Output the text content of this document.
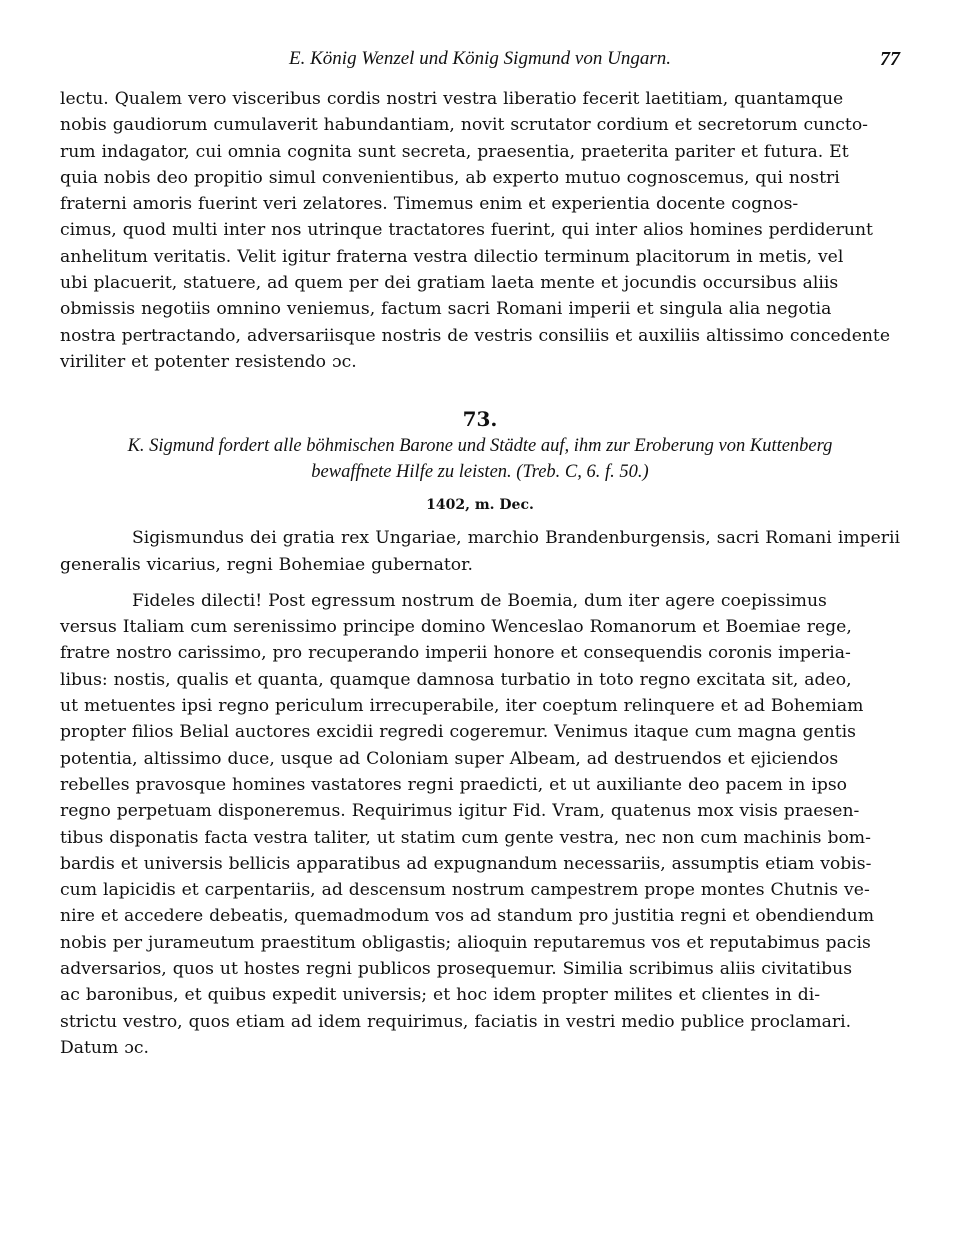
E. König Wenzel und König Sigmund von Ungarn.	77
lectu. Qualem vero visceribus cordis nostri vestra liberatio fecerit laetitiam, quantamque
nobis gaudiorum cumulaverit habundantiam, novit scrutator cordium et secretorum cuncto-
rum indagator, cui omnia cognita sunt secreta, praesentia, praeterita pariter et futura. Et
quia nobis deo propitio simul convenientibus, ab experto mutuo cognoscemus, qui nostri
fraterni amoris fuerint veri zelatores. Timemus enim et experientia docente cognos-
cimus, quod multi inter nos utrinque tractatores fuerint, qui inter alios homines perdiderunt
anhelitum veritatis. Velit igitur fraterna vestra dilectio terminum placitorum in metis, vel
ubi placuerit, statuere, ad quem per dei gratiam laeta mente et jocundis occursibus aliis
obmissis negotiis omnino veniemus, factum sacri Romani imperii et singula alia negotia
nostra pertractando, adversariisque nostris de vestris consiliis et auxiliis altissimo concedente
viriliter et potenter resistendo ɔc.
73.
K. Sigmund fordert alle böhmischen Barone und Städte auf, ihm zur Eroberung von Kuttenberg
bewaffnete Hilfe zu leisten. (Treb. C, 6. f. 50.)
1402, m. Dec.

Sigismundus dei gratia rex Ungariae, marchio Brandenburgensis, sacri Romani imperii generalis vicarius, regni Bohemiae gubernator.

Fideles dilecti! Post egressum nostrum de Boemia, dum iter agere coepissimus
versus Italiam cum serenissimo principe domino Wenceslao Romanorum et Boemiae rege,
fratre nostro carissimo, pro recuperando imperii honore et consequendis coronis imperia-
libus: nostis, qualis et quanta, quamque damnosa turbatio in toto regno excitata sit, adeo,
ut metuentes ipsi regno periculum irrecuperabile, iter coeptum relinquere et ad Bohemiam
propter filios Belial auctores excidii regredi cogeremur. Venimus itaque cum magna gentis
potentia, altissimo duce, usque ad Coloniam super Albeam, ad destruendos et ejiciendos
rebelles pravosque homines vastatores regni praedicti, et ut auxiliante deo pacem in ipso
regno perpetuam disponeremus. Requirimus igitur Fid. Vram, quatenus mox visis praesen-
tibus disponatis facta vestra taliter, ut statim cum gente vestra, nec non cum machinis bom-
bardis et universis bellicis apparatibus ad expugnandum necessariis, assumptis etiam vobis-
cum lapicidis et carpentariis, ad descensum nostrum campestrem prope montes Chutnis ve-
nire et accedere debeatis, quemadmodum vos ad standum pro justitia regni et obendiendum
nobis per jurameutum praestitum obligastis; alioquin reputaremus vos et reputabimus pacis
adversarios, quos ut hostes regni publicos prosequemur. Similia scribimus aliis civitatibus
ac baronibus, et quibus expedit universis; et hoc idem propter milites et clientes in di-
strictu vestro, quos etiam ad idem requirimus, faciatis in vestri medio publice proclamari.
Datum ɔc.
